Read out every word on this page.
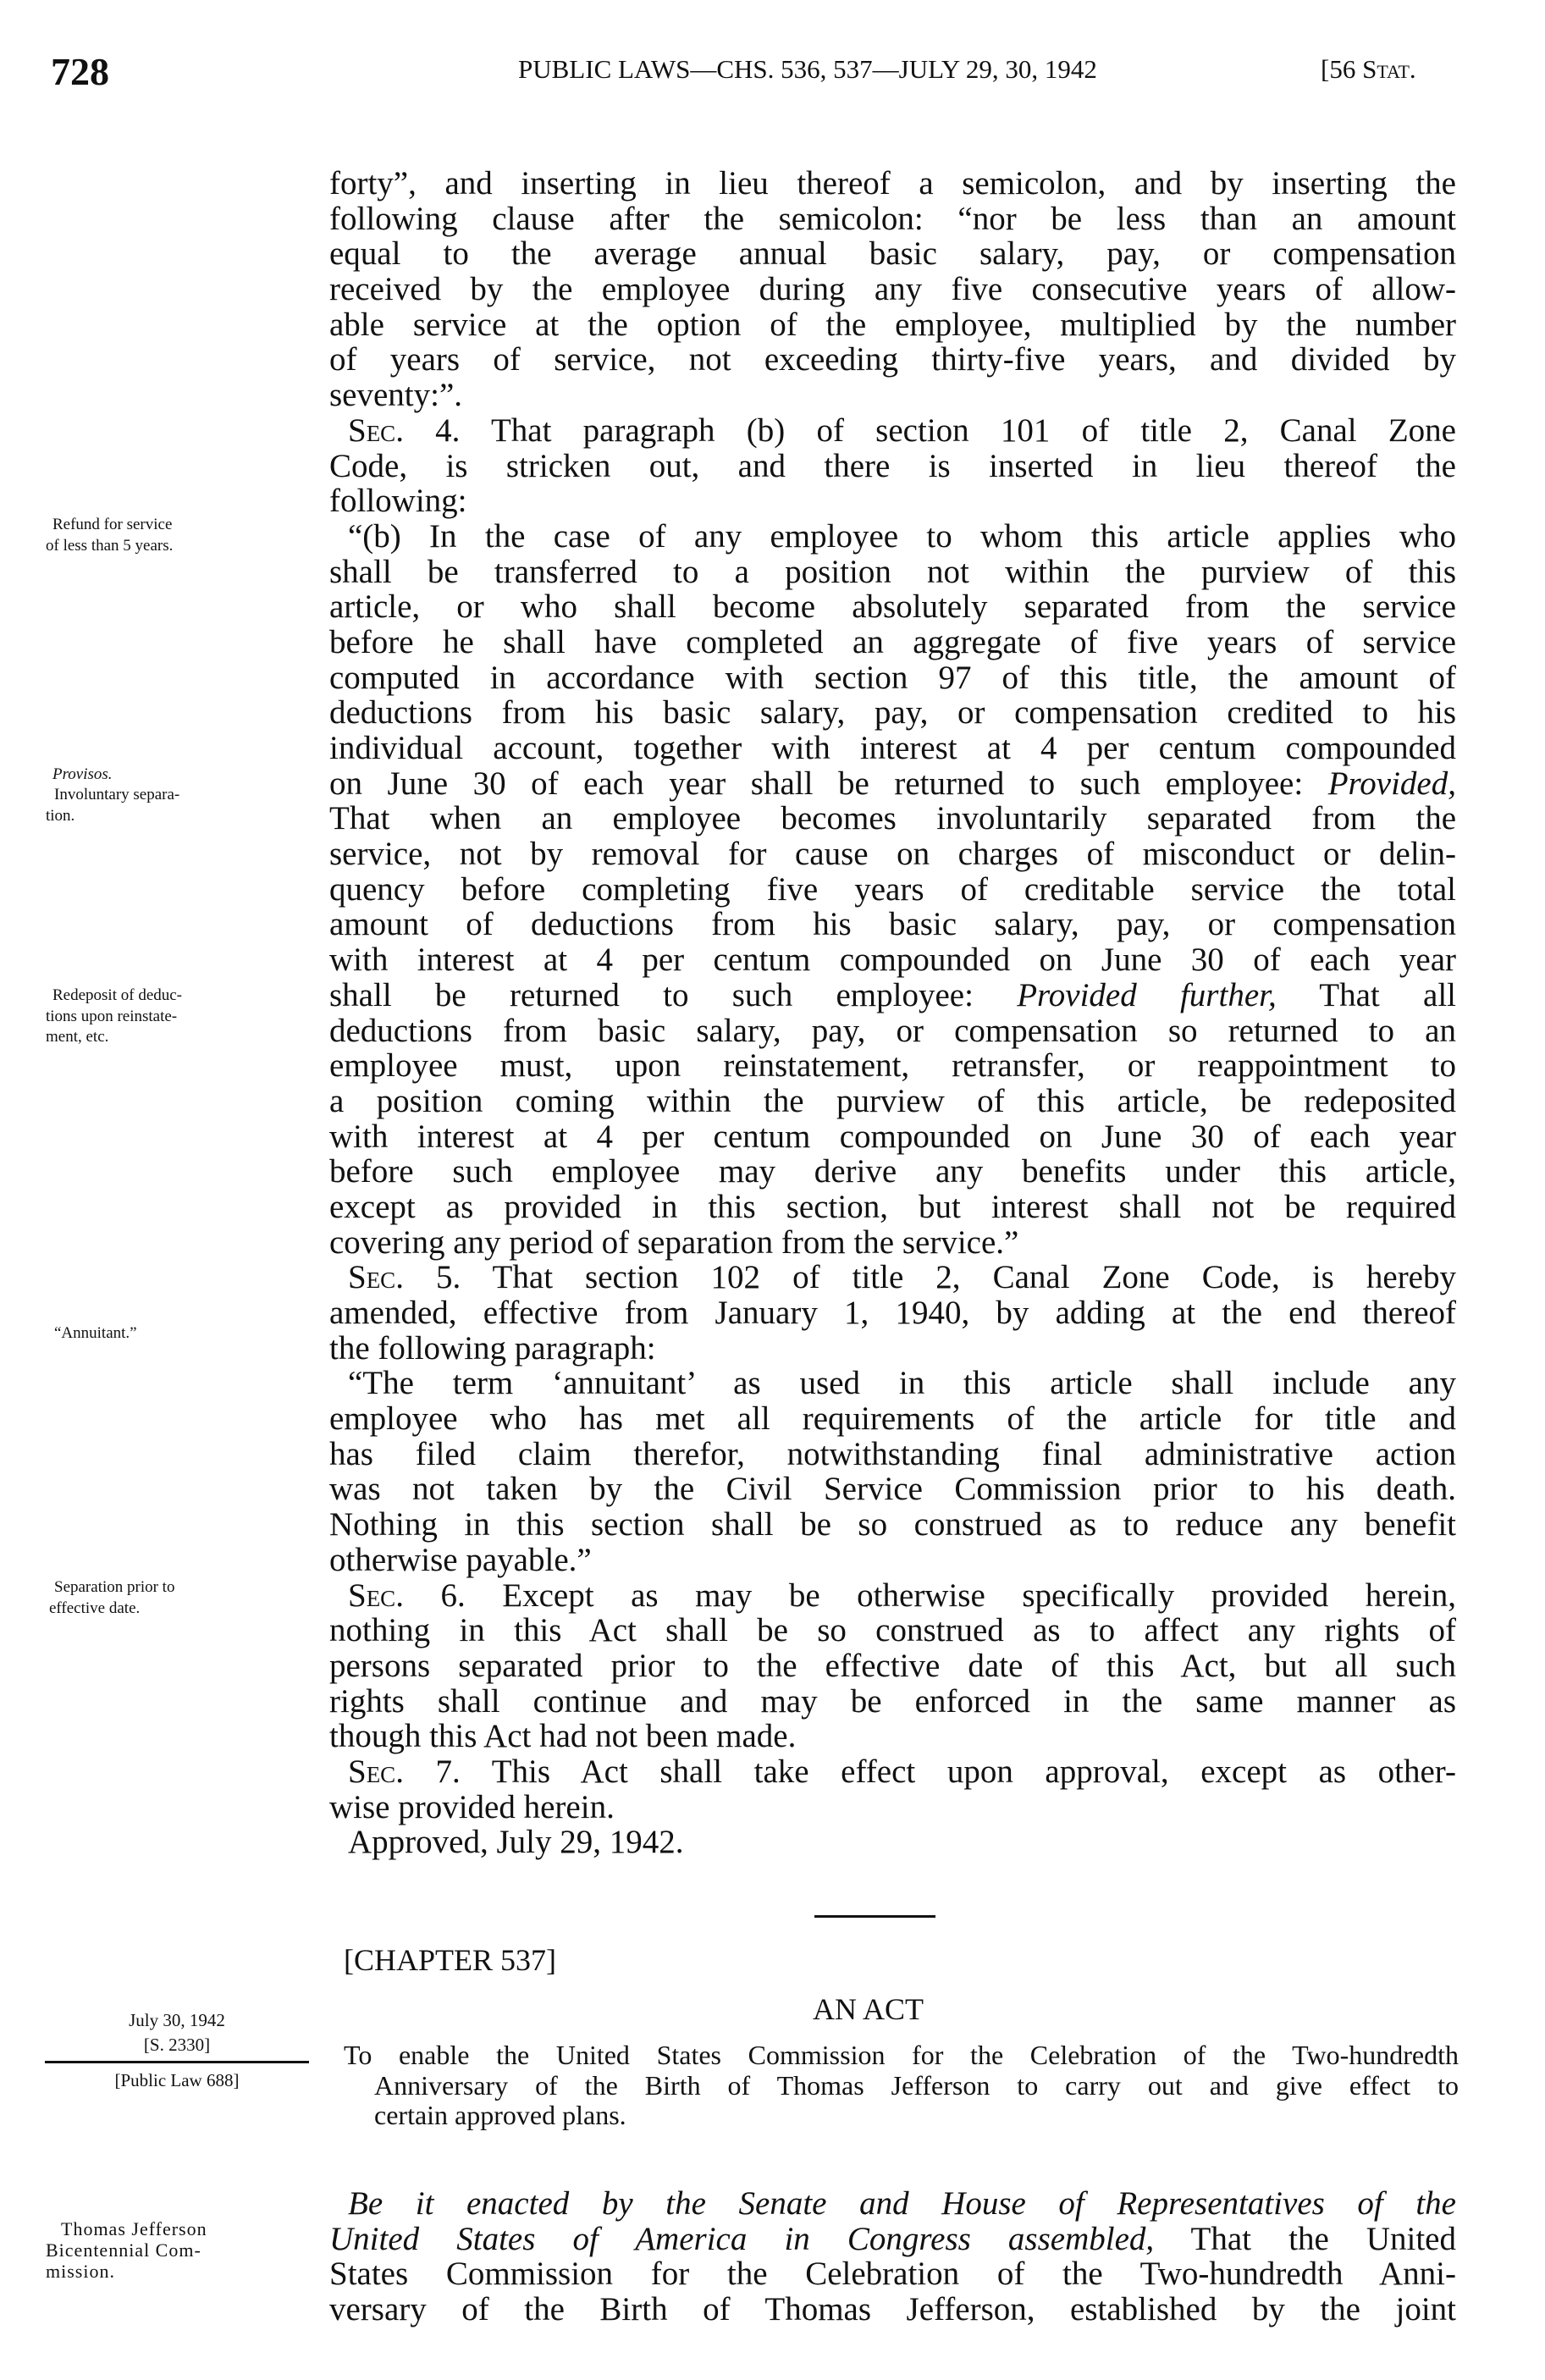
728	PUBLIC LAWS—CHS. 536, 537—JULY 29, 30, 1942	[56 Stat.
forty”, and inserting in lieu thereof a semicolon, and by inserting the
following clause after the semicolon: “nor be less than an amount
equal to the average annual basic salary, pay, or compensation
received by the employee during any five consecutive years of allow-
able service at the option of the employee, multiplied by the number
of years of service, not exceeding thirty-five years, and divided by
seventy:”.
Sec. 4. That paragraph (b) of section 101 of title 2, Canal Zone
Code, is stricken out, and there is inserted in lieu thereof the
following:
“(b) In the case of any employee to whom this article applies who
shall be transferred to a position not within the purview of this
article, or who shall become absolutely separated from the service
before he shall have completed an aggregate of five years of service
computed in accordance with section 97 of this title, the amount of
deductions from his basic salary, pay, or compensation credited to his
individual account, together with interest at 4 per centum compounded
on June 30 of each year shall be returned to such employee: Provided,
That when an employee becomes involuntarily separated from the
service, not by removal for cause on charges of misconduct or delin-
quency before completing five years of creditable service the total
amount of deductions from his basic salary, pay, or compensation
with interest at 4 per centum compounded on June 30 of each year
shall be returned to such employee: Provided further, That all
deductions from basic salary, pay, or compensation so returned to an
employee must, upon reinstatement, retransfer, or reappointment to
a position coming within the purview of this article, be redeposited
with interest at 4 per centum compounded on June 30 of each year
before such employee may derive any benefits under this article,
except as provided in this section, but interest shall not be required
covering any period of separation from the service.”
Sec. 5. That section 102 of title 2, Canal Zone Code, is hereby
amended, effective from January 1, 1940, by adding at the end thereof
the following paragraph:
“The term ‘annuitant’ as used in this article shall include any
employee who has met all requirements of the article for title and
has filed claim therefor, notwithstanding final administrative action
was not taken by the Civil Service Commission prior to his death.
Nothing in this section shall be so construed as to reduce any benefit
otherwise payable.”
Sec. 6. Except as may be otherwise specifically provided herein,
nothing in this Act shall be so construed as to affect any rights of
persons separated prior to the effective date of this Act, but all such
rights shall continue and may be enforced in the same manner as
though this Act had not been made.
Sec. 7. This Act shall take effect upon approval, except as other-
wise provided herein.
Approved, July 29, 1942.
Refund for service
of less than 5 years.
Provisos.
Involuntary separa-
tion.
Redeposit of deduc-
tions upon reinstate-
ment, etc.
“Annuitant.”
Separation prior to
effective date.
[CHAPTER 537]
AN ACT
July 30, 1942
[S. 2330]
[Public Law 688]
To enable the United States Commission for the Celebration of the Two-hundredth
Anniversary of the Birth of Thomas Jefferson to carry out and give effect to
certain approved plans.
Thomas Jefferson
Bicentennial Com-
mission.
Be it enacted by the Senate and House of Representatives of the
United States of America in Congress assembled, That the United
States Commission for the Celebration of the Two-hundredth Anni-
versary of the Birth of Thomas Jefferson, established by the joint
